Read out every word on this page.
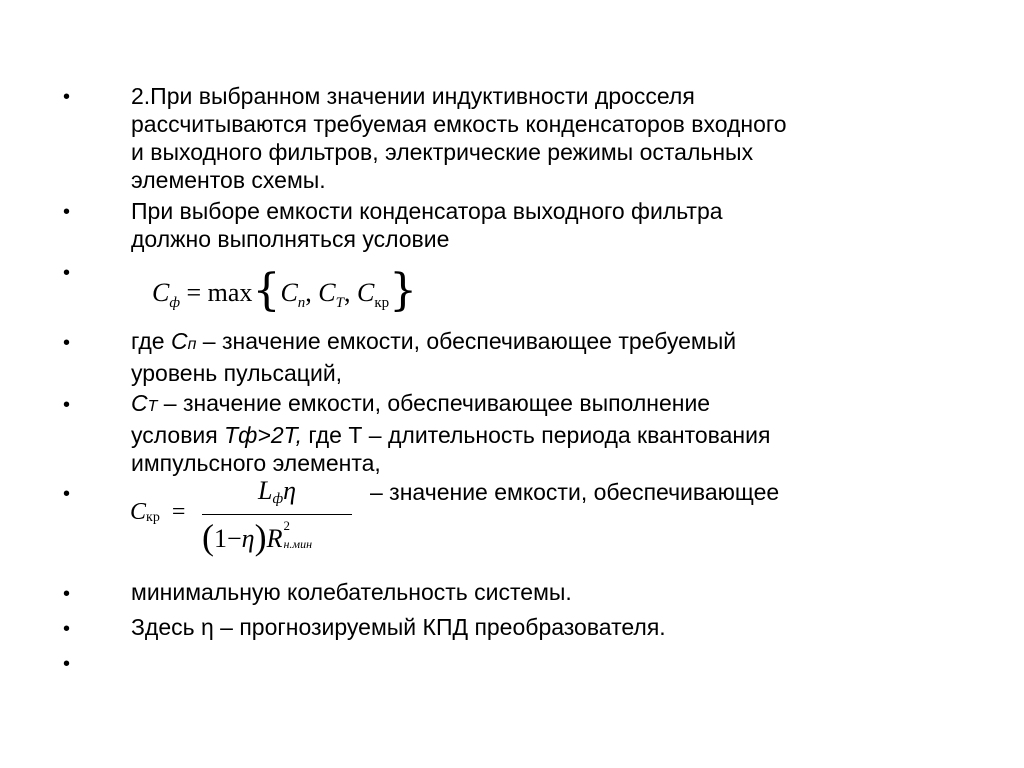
•	2.При выбранном значении индуктивности дросселя
рассчитываются требуемая емкость конденсаторов входного
и выходного фильтров, электрические режимы остальных
элементов схемы.
•	При выборе емкости конденсатора выходного фильтра
должно выполняться условие
•
$C_ф = \max\{C_п$, $C_Т$, $C_{кр}$}
•	где Сп – значение емкости, обеспечивающее требуемый
уровень пульсаций,
•	СТ – значение емкости, обеспечивающее выполнение
условия Тф>2Т, где Т – длительность периода квантования
импульсного элемента,
•
Cкр =
Lфη
(1−η)R 2
н.мин
– значение емкости, обеспечивающее
•	минимальную колебательность системы.
•	Здесь η – прогнозируемый КПД преобразователя.
•
